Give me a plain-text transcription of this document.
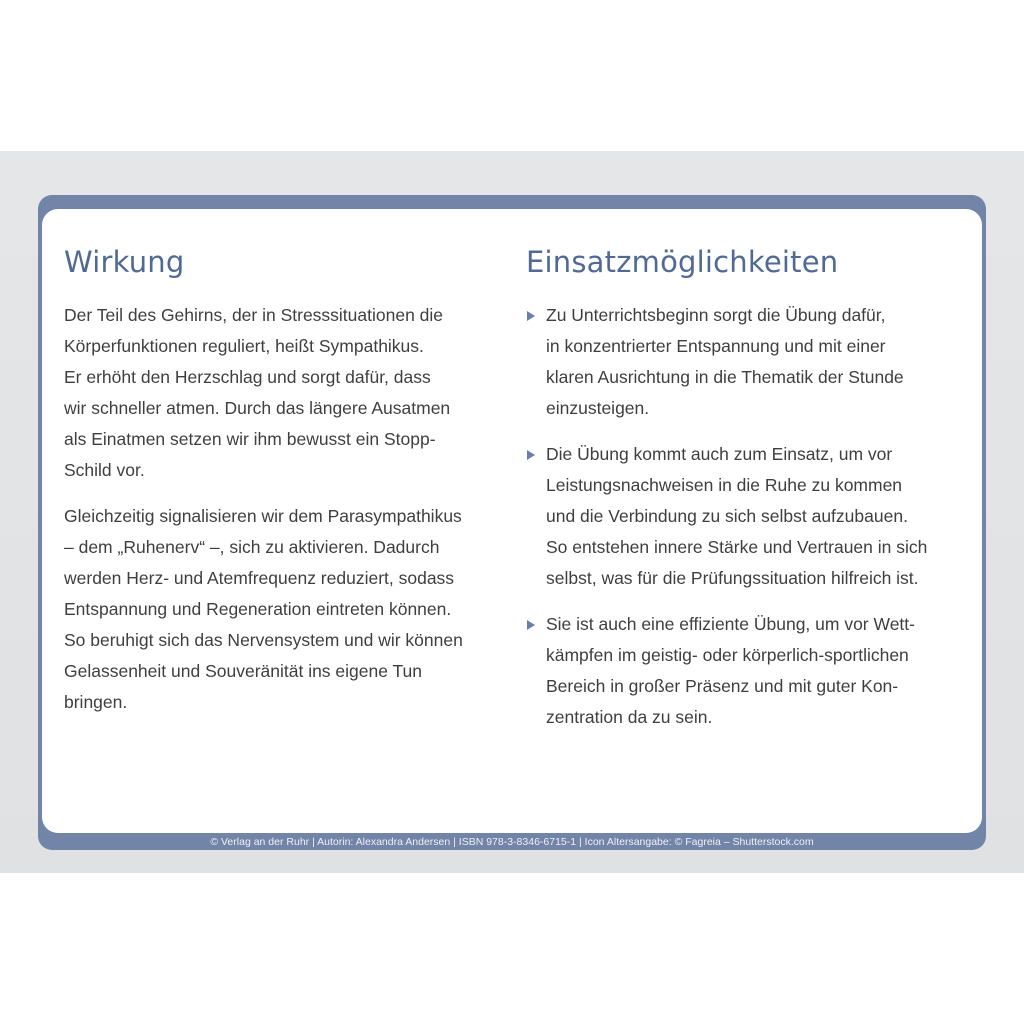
Wirkung

Der Teil des Gehirns, der in Stresssituationen die
Körperfunktionen reguliert, heißt Sympathikus.
Er erhöht den Herzschlag und sorgt dafür, dass
wir schneller atmen. Durch das längere Ausatmen
als Einatmen setzen wir ihm bewusst ein Stopp-
Schild vor.

Gleichzeitig signalisieren wir dem Parasympathikus
– dem „Ruhenerv“ –, sich zu aktivieren. Dadurch
werden Herz- und Atemfrequenz reduziert, sodass
Entspannung und Regeneration eintreten können.
So beruhigt sich das Nervensystem und wir können
Gelassenheit und Souveränität ins eigene Tun
bringen.

Einsatzmöglichkeiten
Zu Unterrichtsbeginn sorgt die Übung dafür,
in konzentrierter Entspannung und mit einer
klaren Ausrichtung in die Thematik der Stunde
einzusteigen.
Die Übung kommt auch zum Einsatz, um vor
Leistungsnachweisen in die Ruhe zu kommen
und die Verbindung zu sich selbst aufzubauen.
So entstehen innere Stärke und Vertrauen in sich
selbst, was für die Prüfungssituation hilfreich ist.
Sie ist auch eine effiziente Übung, um vor Wett-
kämpfen im geistig- oder körperlich-sportlichen
Bereich in großer Präsenz und mit guter Kon-
zentration da zu sein.
© Verlag an der Ruhr | Autorin: Alexandra Andersen | ISBN 978-3-8346-6715-1 | Icon Altersangabe: © Fagreia – Shutterstock.com
